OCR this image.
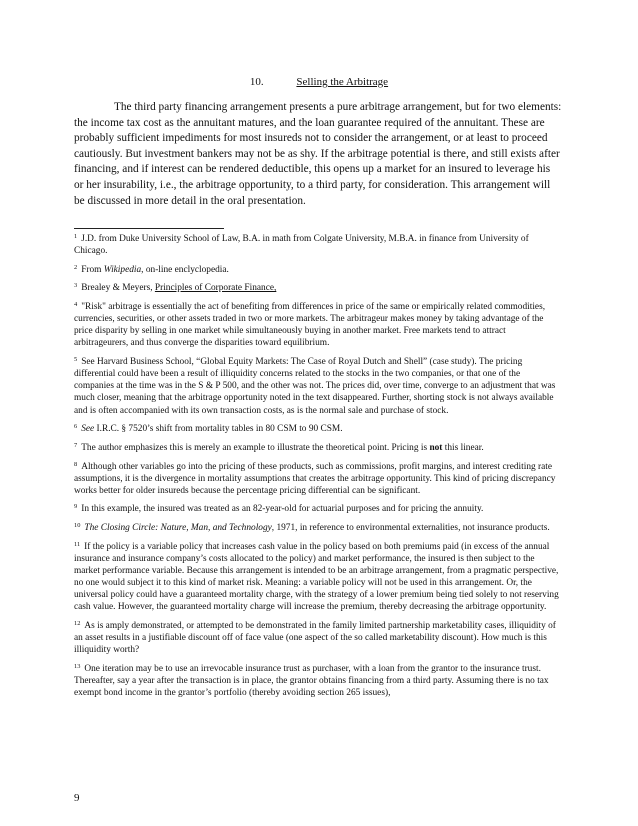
10.	Selling the Arbitrage
The third party financing arrangement presents a pure arbitrage arrangement, but for two elements: the income tax cost as the annuitant matures, and the loan guarantee required of the annuitant. These are probably sufficient impediments for most insureds not to consider the arrangement, or at least to proceed cautiously. But investment bankers may not be as shy. If the arbitrage potential is there, and still exists after financing, and if interest can be rendered deductible, this opens up a market for an insured to leverage his or her insurability, i.e., the arbitrage opportunity, to a third party, for consideration. This arrangement will be discussed in more detail in the oral presentation.
$^1$ J.D. from Duke University School of Law, B.A. in math from Colgate University, M.B.A. in finance from University of Chicago.
$^2$ From Wikipedia, on-line enclyclopedia.
$^3$ Brealey & Meyers, Principles of Corporate Finance,
$^4$ "Risk" arbitrage is essentially the act of benefiting from differences in price of the same or empirically related commodities, currencies, securities, or other assets traded in two or more markets. The arbitrageur makes money by taking advantage of the price disparity by selling in one market while simultaneously buying in another market. Free markets tend to attract arbitrageurers, and thus converge the disparities toward equilibrium.
$^5$ See Harvard Business School, “Global Equity Markets: The Case of Royal Dutch and Shell” (case study). The pricing differential could have been a result of illiquidity concerns related to the stocks in the two companies, or that one of the companies at the time was in the S & P 500, and the other was not. The prices did, over time, converge to an adjustment that was much closer, meaning that the arbitrage opportunity noted in the text disappeared. Further, shorting stock is not always available and is often accompanied with its own transaction costs, as is the normal sale and purchase of stock.
$^6$ See I.R.C. § 7520’s shift from mortality tables in 80 CSM to 90 CSM.
$^7$ The author emphasizes this is merely an example to illustrate the theoretical point. Pricing is not this linear.
$^8$ Although other variables go into the pricing of these products, such as commissions, profit margins, and interest crediting rate assumptions, it is the divergence in mortality assumptions that creates the arbitrage opportunity. This kind of pricing discrepancy works better for older insureds because the percentage pricing differential can be significant.
$^9$ In this example, the insured was treated as an 82-year-old for actuarial purposes and for pricing the annuity.
$^{10}$ The Closing Circle: Nature, Man, and Technology, 1971, in reference to environmental externalities, not insurance products.
$^{11}$ If the policy is a variable policy that increases cash value in the policy based on both premiums paid (in excess of the annual insurance and insurance company’s costs allocated to the policy) and market performance, the insured is then subject to the market performance variable. Because this arrangement is intended to be an arbitrage arrangement, from a pragmatic perspective, no one would subject it to this kind of market risk. Meaning: a variable policy will not be used in this arrangement. Or, the universal policy could have a guaranteed mortality charge, with the strategy of a lower premium being tied solely to not reserving cash value. However, the guaranteed mortality charge will increase the premium, thereby decreasing the arbitrage opportunity.
$^{12}$ As is amply demonstrated, or attempted to be demonstrated in the family limited partnership marketability cases, illiquidity of an asset results in a justifiable discount off of face value (one aspect of the so called marketability discount). How much is this illiquidity worth?
$^{13}$ One iteration may be to use an irrevocable insurance trust as purchaser, with a loan from the grantor to the insurance trust. Thereafter, say a year after the transaction is in place, the grantor obtains financing from a third party. Assuming there is no tax exempt bond income in the grantor’s portfolio (thereby avoiding section 265 issues),
9
